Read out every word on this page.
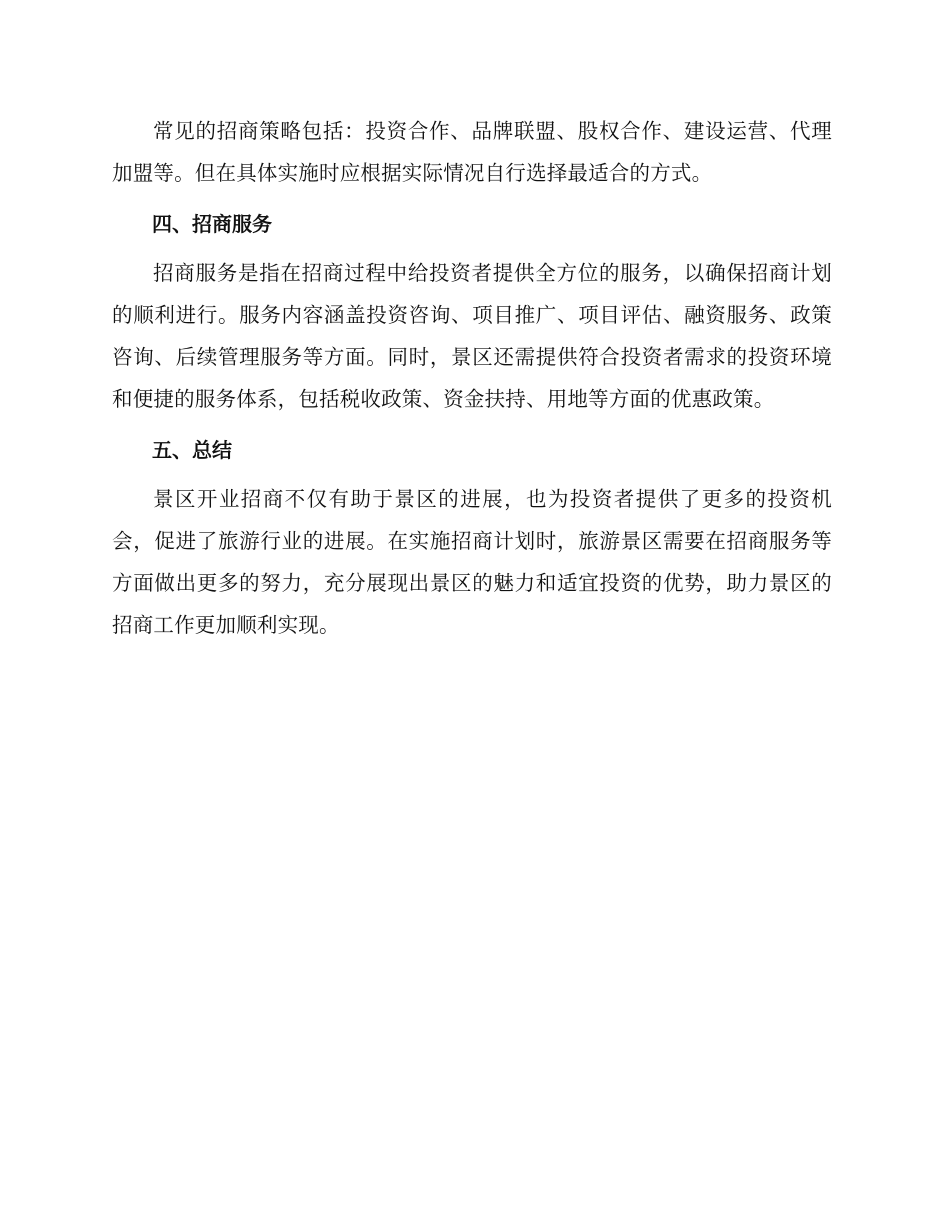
常见的招商策略包括：投资合作、品牌联盟、股权合作、建设运营、代理加盟等。但在具体实施时应根据实际情况自行选择最适合的方式。

四、招商服务

招商服务是指在招商过程中给投资者提供全方位的服务，以确保招商计划的顺利进行。服务内容涵盖投资咨询、项目推广、项目评估、融资服务、政策咨询、后续管理服务等方面。同时，景区还需提供符合投资者需求的投资环境和便捷的服务体系，包括税收政策、资金扶持、用地等方面的优惠政策。

五、总结

景区开业招商不仅有助于景区的进展，也为投资者提供了更多的投资机会，促进了旅游行业的进展。在实施招商计划时，旅游景区需要在招商服务等方面做出更多的努力，充分展现出景区的魅力和适宜投资的优势，助力景区的招商工作更加顺利实现。
